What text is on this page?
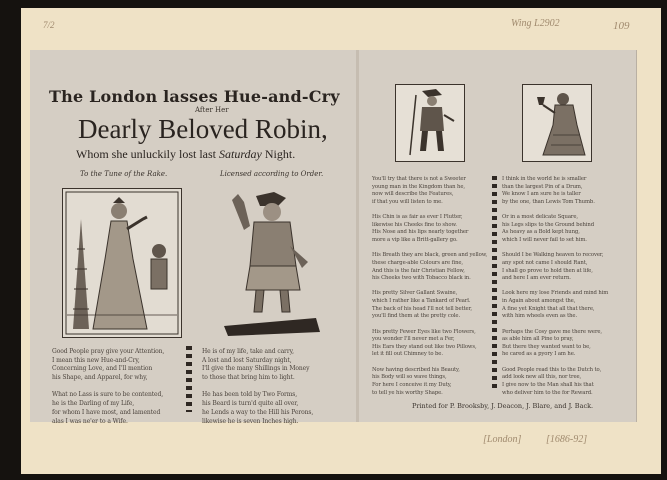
7/2	Wing L2902	109
[London] [1686-92]
The London lasses Hue-and-Cry
After Her
Dearly Beloved Robin,
Whom she unluckily lost last Saturday Night.
To the Tune of the Rake.	Licensed according to Order.
Good People pray give your Attention,
I mean this new Hue-and-Cry,
Concerning Love, and I'll mention
his Shape, and Apparel, for why,

What no Lass is sure to be contented,
he is the Darling of my Life,
for whom I have most, and lamented
alas I was ne'er to a Wife.
He is of my life, take and carry,
A lost and lost Saturday night,
I'll give the many Shillings in Money
to those that bring him to light.

He has been told by Two Forms,
his Beard is turn'd quite all over,
he Lends a way to the Hill his Perons,
likewise he is seven Inches high.
You'll try that there is not a Sweeter
young man in the Kingdom than he,
now will describe the Features,
if that you will listen to me.

His Chin is as fair as ever I Flutter,
likewise his Cheeks fine to show.
His Nose and his lips nearly together
more a vip like a Britt-gallery go.

His Breath they are black, green and yellow,
these charge-able Colours are fine,
And this is the fair Christian Fellow,
his Cheeks two with Tobacco black in.

His pretty Silver Gallant Swaine,
which I rather like a Tankard of Pearl.
The back of his head I'll not tell better,
you'll find them at the pretty cole.

His pretty Fewer Eyes like two Flowers,
you wonder I'll never met a Fer,
His Ears they stand out like two Pillows,
let it fill out Chimney to be.

Now having described his Beauty,
his Body will so wave things,
For here I conceive it my Duty,
to tell ye his worthy Shape.
I think in the world he is smaller
than the largest Pin of a Drum,
We know I am sure he is taller
by the one, than Lewis Tom Thumb.

Or in a most delicate Square,
his Legs slips to the Ground behind
As heavy as a Bold kept hung,
which I will never fail to set him.

Should I be Walking heaven to recover,
any spot not came I should Rant,
I shall go prove to hold then at life,
and here I am ever return.

Look here my lose Friends and mind him
in Again about amongst the,
A fine yet Knight that all that there,
with him wheels even as the.

Perhaps the Cosy gave me there were,
as able him all Pine to pray,
But there they wanted want to be,
he cared as a pyory I am he.

Good People read this to the Dutch to,
add look new all this, nor tree,
I give now to the Man shall his that
who deliver him to the for Reward.
Printed for P. Brooksby, J. Deacon, J. Blare, and J. Back.
